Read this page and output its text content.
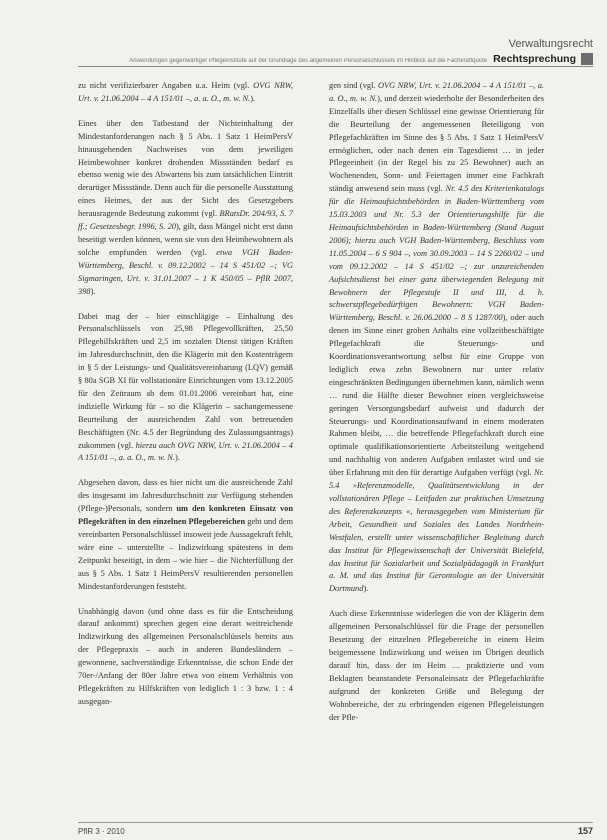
Verwaltungsrecht
Anwendungen gegenwärtiger Pflegeinstitute auf der Grundlage des allgemeinen Personalschlüssels im Hinblick auf die Fachkraftquote Rechtsprechung

zu nicht verifizierbarer Angaben u.a. Heim (vgl. OVG NRW, Urt. v. 21.06.2004 – 4 A 151/01 –, a. a. O., m. w. N.).

Eines über den Tatbestand der Nichteinhaltung der Mindestanforderungen nach § 5 Abs. 1 Satz 1 HeimPersV hinausgehenden Nachweises von dem jeweiligen Heimbewohner konkret drohenden Missständen bedarf es ebenso wenig wie des Abwartens bis zum tatsächlichen Eintritt derartiger Missstände. Denn auch für die personelle Ausstattung eines Heimes, der aus der Sicht des Gesetzgebers herausragende Bedeutung zukommt (vgl. BRatsDr. 204/93, S. 7 ff.; Gesetzesbegr. 1996, S. 20), gilt, dass Mängel nicht erst dann beseitigt werden können, wenn sie von den Heimbewohnern als solche empfunden werden (vgl. etwa VGH Baden-Württemberg, Beschl. v. 09.12.2002 – 14 S 451/02 –; VG Sigmaringen, Urt. v. 31.01.2007 – 1 K 450/05 – PflR 2007, 398).

Dabei mag der – hier einschlägige – Einhaltung des Personalschlüssels von 25,98 Pflegevollkräften, 25,50 Pflegehilfskräften und 2,5 im sozialen Dienst tätigen Kräften im Jahresdurchschnitt, den die Klägerin mit den Kostenträgern in § 5 der Leistungs- und Qualitätsvereinbarung (LQV) gemäß § 80a SGB XI für vollstationäre Einrichtungen vom 13.12.2005 für den Zeitraum ab dem 01.01.2006 vereinbart hat, eine indizielle Wirkung für – so die Klägerin – sachangemessene Beurteilung der ausreichenden Zahl von betreuenden Beschäftigten (Nr. 4.5 der Begründung des Zulassungsantrags) zukommen (vgl. hierzu auch OVG NRW, Urt. v. 21.06.2004 – 4 A 151/01 –, a. a. O., m. w. N.).

Abgesehen davon, dass es hier nicht um die ausreichende Zahl des insgesamt im Jahresdurchschnitt zur Verfügung stehenden (Pflege-)Personals, sondern um den konkreten Einsatz von Pflegekräften in den einzelnen Pflegebereichen geht und dem vereinbarten Personalschlüssel insoweit jede Aussagekraft fehlt, wäre eine – unterstellte – Indizwirkung spätestens in dem Zeitpunkt beseitigt, in dem – wie hier – die Nichterfüllung der aus § 5 Abs. 1 Satz 1 HeimPersV resultierenden personellen Mindestanforderungen feststeht.

Unabhängig davon (und ohne dass es für die Entscheidung darauf ankommt) sprechen gegen eine derart weitreichende Indizwirkung des allgemeinen Personalschlüssels bereits aus der Pflegepraxis – auch in anderen Bundesländern – gewonnene, sachverständige Erkenntnisse, die schon Ende der 70er-/Anfang der 80er Jahre etwa von einem Verhältnis von Pflegekräften zu Hilfskräften von lediglich 1 : 3 bzw. 1 : 4 ausgegan-

gen sind (vgl. OVG NRW, Urt. v. 21.06.2004 – 4 A 151/01 –, a. a. O., m. w. N.), und derzeit wiederholte der Besonderheiten des Einzelfalls über diesen Schlüssel eine gewisse Orientierung für die Beurteilung der angemessenen Beteiligung von Pflegefachkräften im Sinne des § 5 Abs. 1 Satz 1 HeimPersV ermöglichen, oder nach denen ein Tagesdienst … in jeder Pflegeeinheit (in der Regel bis zu 25 Bewohner) auch an Wochenenden, Sonn- und Feiertagen immer eine Fachkraft ständig anwesend sein muss (vgl. Nr. 4.5 des Kriterienkatalogs für die Heimaufsichtsbehörden in Baden-Württemberg vom 15.03.2003 und Nr. 5.3 der Orientierungshilfe für die Heimaufsichtsbehörden in Baden-Württemberg (Stand August 2006); hierzu auch VGH Baden-Württemberg, Beschluss vom 11.05.2004 – 6 S 904 –, vom 30.09.2003 – 14 S 2260/02 – und vom 09.12.2002 – 14 S 451/02 –; zur unzureichenden Aufsichtsdienst bei einer ganz überwiegenden Belegung mit Bewohnern der Pflegestufe II und III, d. h. schwerstpflegebedürftigen Bewohnern: VGH Baden-Württemberg, Beschl. v. 26.06.2000 – 8 S 1287/00), oder auch denen im Sinne einer groben Anhalts eine vollzeitbeschäftigte Pflegefachkraft die Steuerungs- und Koordinationsverantwortung selbst für eine Gruppe von lediglich etwa zehn Bewohnern nur unter relativ eingeschränkten Bedingungen übernehmen kann, nämlich wenn … rund die Hälfte dieser Bewohner einen vergleichsweise geringen Versorgungsbedarf aufweist und dadurch der Steuerungs- und Koordinationsaufwand in einem moderaten Rahmen bleibt, … die betreffende Pflegefachkraft durch eine optimale qualifikationsorientierte Arbeitsteilung weitgehend und nachhaltig von anderen Aufgaben entlastet wird und sie über Erfahrung mit den für derartige Aufgaben verfügt (vgl. Nr. 5.4 »Referenzmodelle, Qualitätsentwicklung in der vollstationären Pflege – Leitfaden zur praktischen Umsetzung des Referenzkonzepts «, herausgegeben vom Ministerium für Arbeit, Gesundheit und Soziales des Landes Nordrhein-Westfalen, erstellt unter wissenschaftlicher Begleitung durch das Institut für Pflegewissenschaft der Universität Bielefeld, das Institut für Sozialarbeit und Sozialpädagogik in Frankfurt a. M. und das Institut für Gerontologie an der Universität Dortmund).

Auch diese Erkenntnisse widerlegen die von der Klägerin dem allgemeinen Personalschlüssel für die Frage der personellen Besetzung der einzelnen Pflegebereiche in einem Heim beigemessene Indizwirkung und weisen im Übrigen deutlich darauf hin, dass der im Heim … praktizierte und vom Beklagten beanstandete Personaleinsatz der Pflegefachkräfte aufgrund der konkreten Größe und Belegung der Wohnbereiche, der zu erbringenden eigenen Pflegeleistungen der Pfle-

PflR 3 · 2010	157
